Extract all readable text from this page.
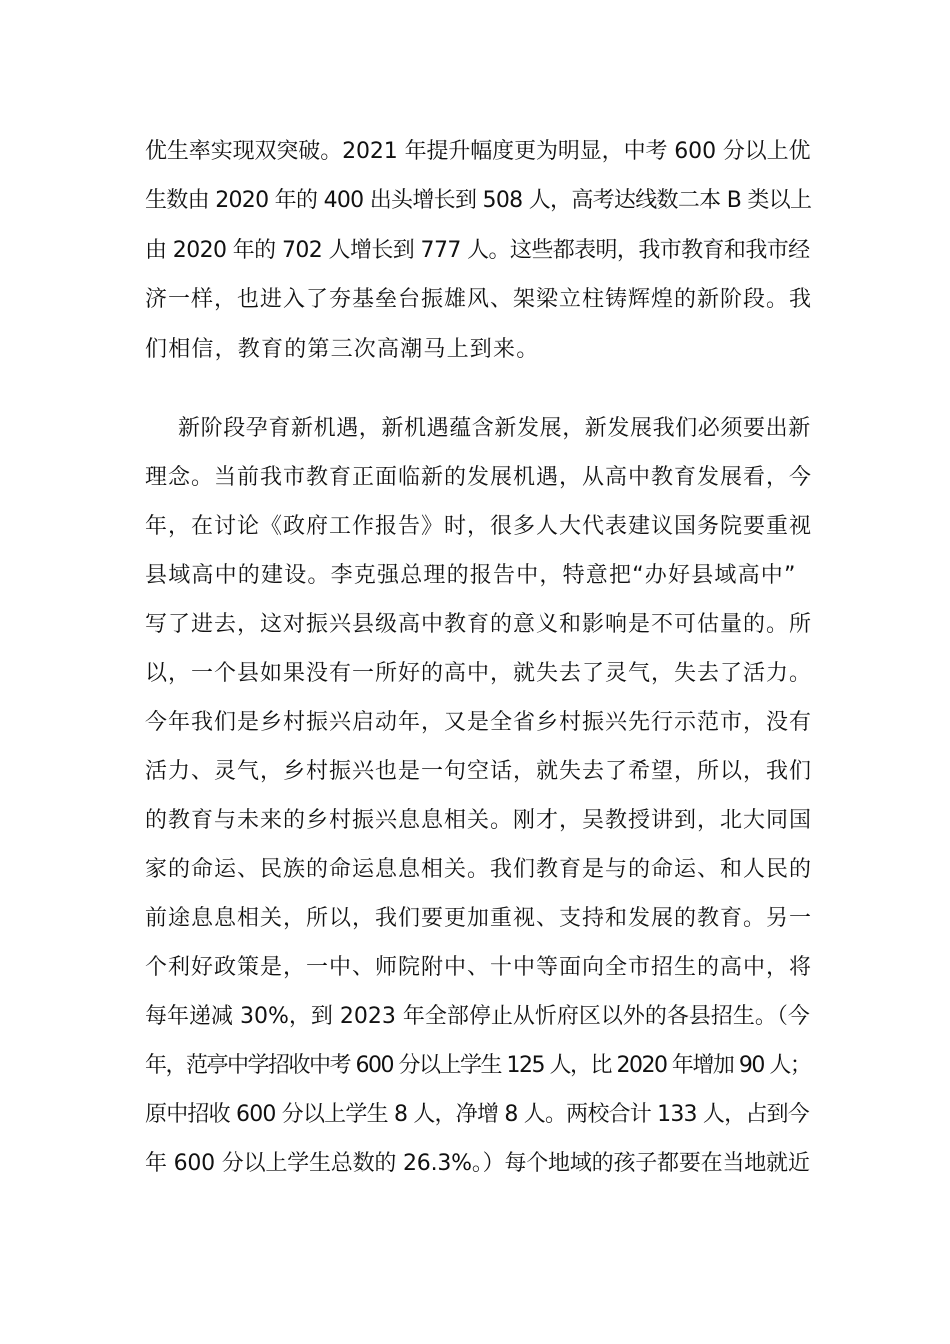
优生率实现双突破。2021 年提升幅度更为明显，中考 600 分以上优
生数由 2020 年的 400 出头增长到 508 人，高考达线数二本 B 类以上
由 2020 年的 702 人增长到 777 人。这些都表明，我市教育和我市经
济一样，也进入了夯基垒台振雄风、架梁立柱铸辉煌的新阶段。我
们相信，教育的第三次高潮马上到来。
新阶段孕育新机遇，新机遇蕴含新发展，新发展我们必须要出新
理念。当前我市教育正面临新的发展机遇，从高中教育发展看，今
年，在讨论《政府工作报告》时，很多人大代表建议国务院要重视
县域高中的建设。李克强总理的报告中，特意把“办好县域高中”
写了进去，这对振兴县级高中教育的意义和影响是不可估量的。所
以，一个县如果没有一所好的高中，就失去了灵气，失去了活力。
今年我们是乡村振兴启动年，又是全省乡村振兴先行示范市，没有
活力、灵气，乡村振兴也是一句空话，就失去了希望，所以，我们
的教育与未来的乡村振兴息息相关。刚才，吴教授讲到，北大同国
家的命运、民族的命运息息相关。我们教育是与的命运、和人民的
前途息息相关，所以，我们要更加重视、支持和发展的教育。另一
个利好政策是，一中、师院附中、十中等面向全市招生的高中，将
每年递减 30%，到 2023 年全部停止从忻府区以外的各县招生。（今
年，范亭中学招收中考 600 分以上学生 125 人，比 2020 年增加 90 人；
原中招收 600 分以上学生 8 人，净增 8 人。两校合计 133 人，占到今
年 600 分以上学生总数的 26.3%。）每个地域的孩子都要在当地就近
